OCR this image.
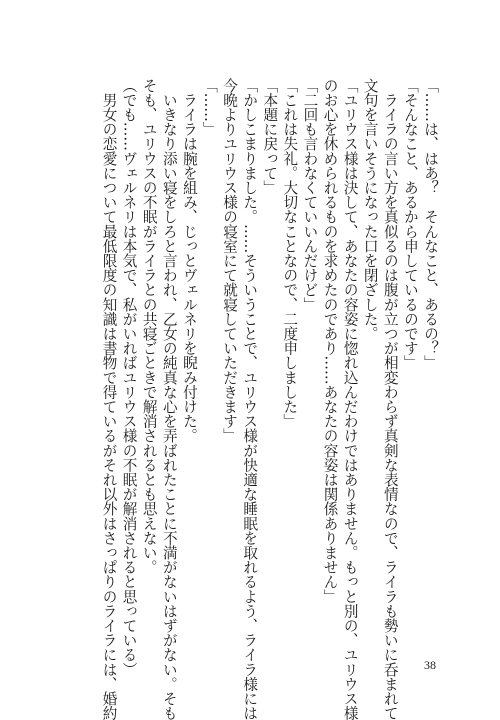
「……は、はあ？　そんなこと、あるの？」
「そんなこと、あるから申しているのです」
　ライラの言い方を真似るのは腹が立つが相変わらず真剣な表情なので、ライラも勢いに呑まれて
文句を言いそうになった口を閉ざした。
「ユリウス様は決して、あなたの容姿に惚れ込んだわけではありません。もっと別の、ユリウス様
のお心を休められるものを求めたのであり……あなたの容姿は関係ありません」
「二回も言わなくていいんだけど」
「これは失礼。大切なことなので、二度申しました」
「本題に戻って」
「かしこまりました。……そういうことで、ユリウス様が快適な睡眠を取れるよう、ライラ様には
今晩よりユリウス様の寝室にて就寝していただきます」
「……」
　ライラは腕を組み、じっとヴェルネリを睨み付けた。
　いきなり添い寝をしろと言われ、乙女の純真な心を弄ばれたことに不満がないはずがない。そも
そも、ユリウスの不眠がライラとの共寝ごときで解消されるとも思えない。
（でも……ヴェルネリは本気で、私がいればユリウス様の不眠が解消されると思っている）
　男女の恋愛について最低限度の知識は書物で得ているがそれ以外はさっぱりのライラには、婚約	38
